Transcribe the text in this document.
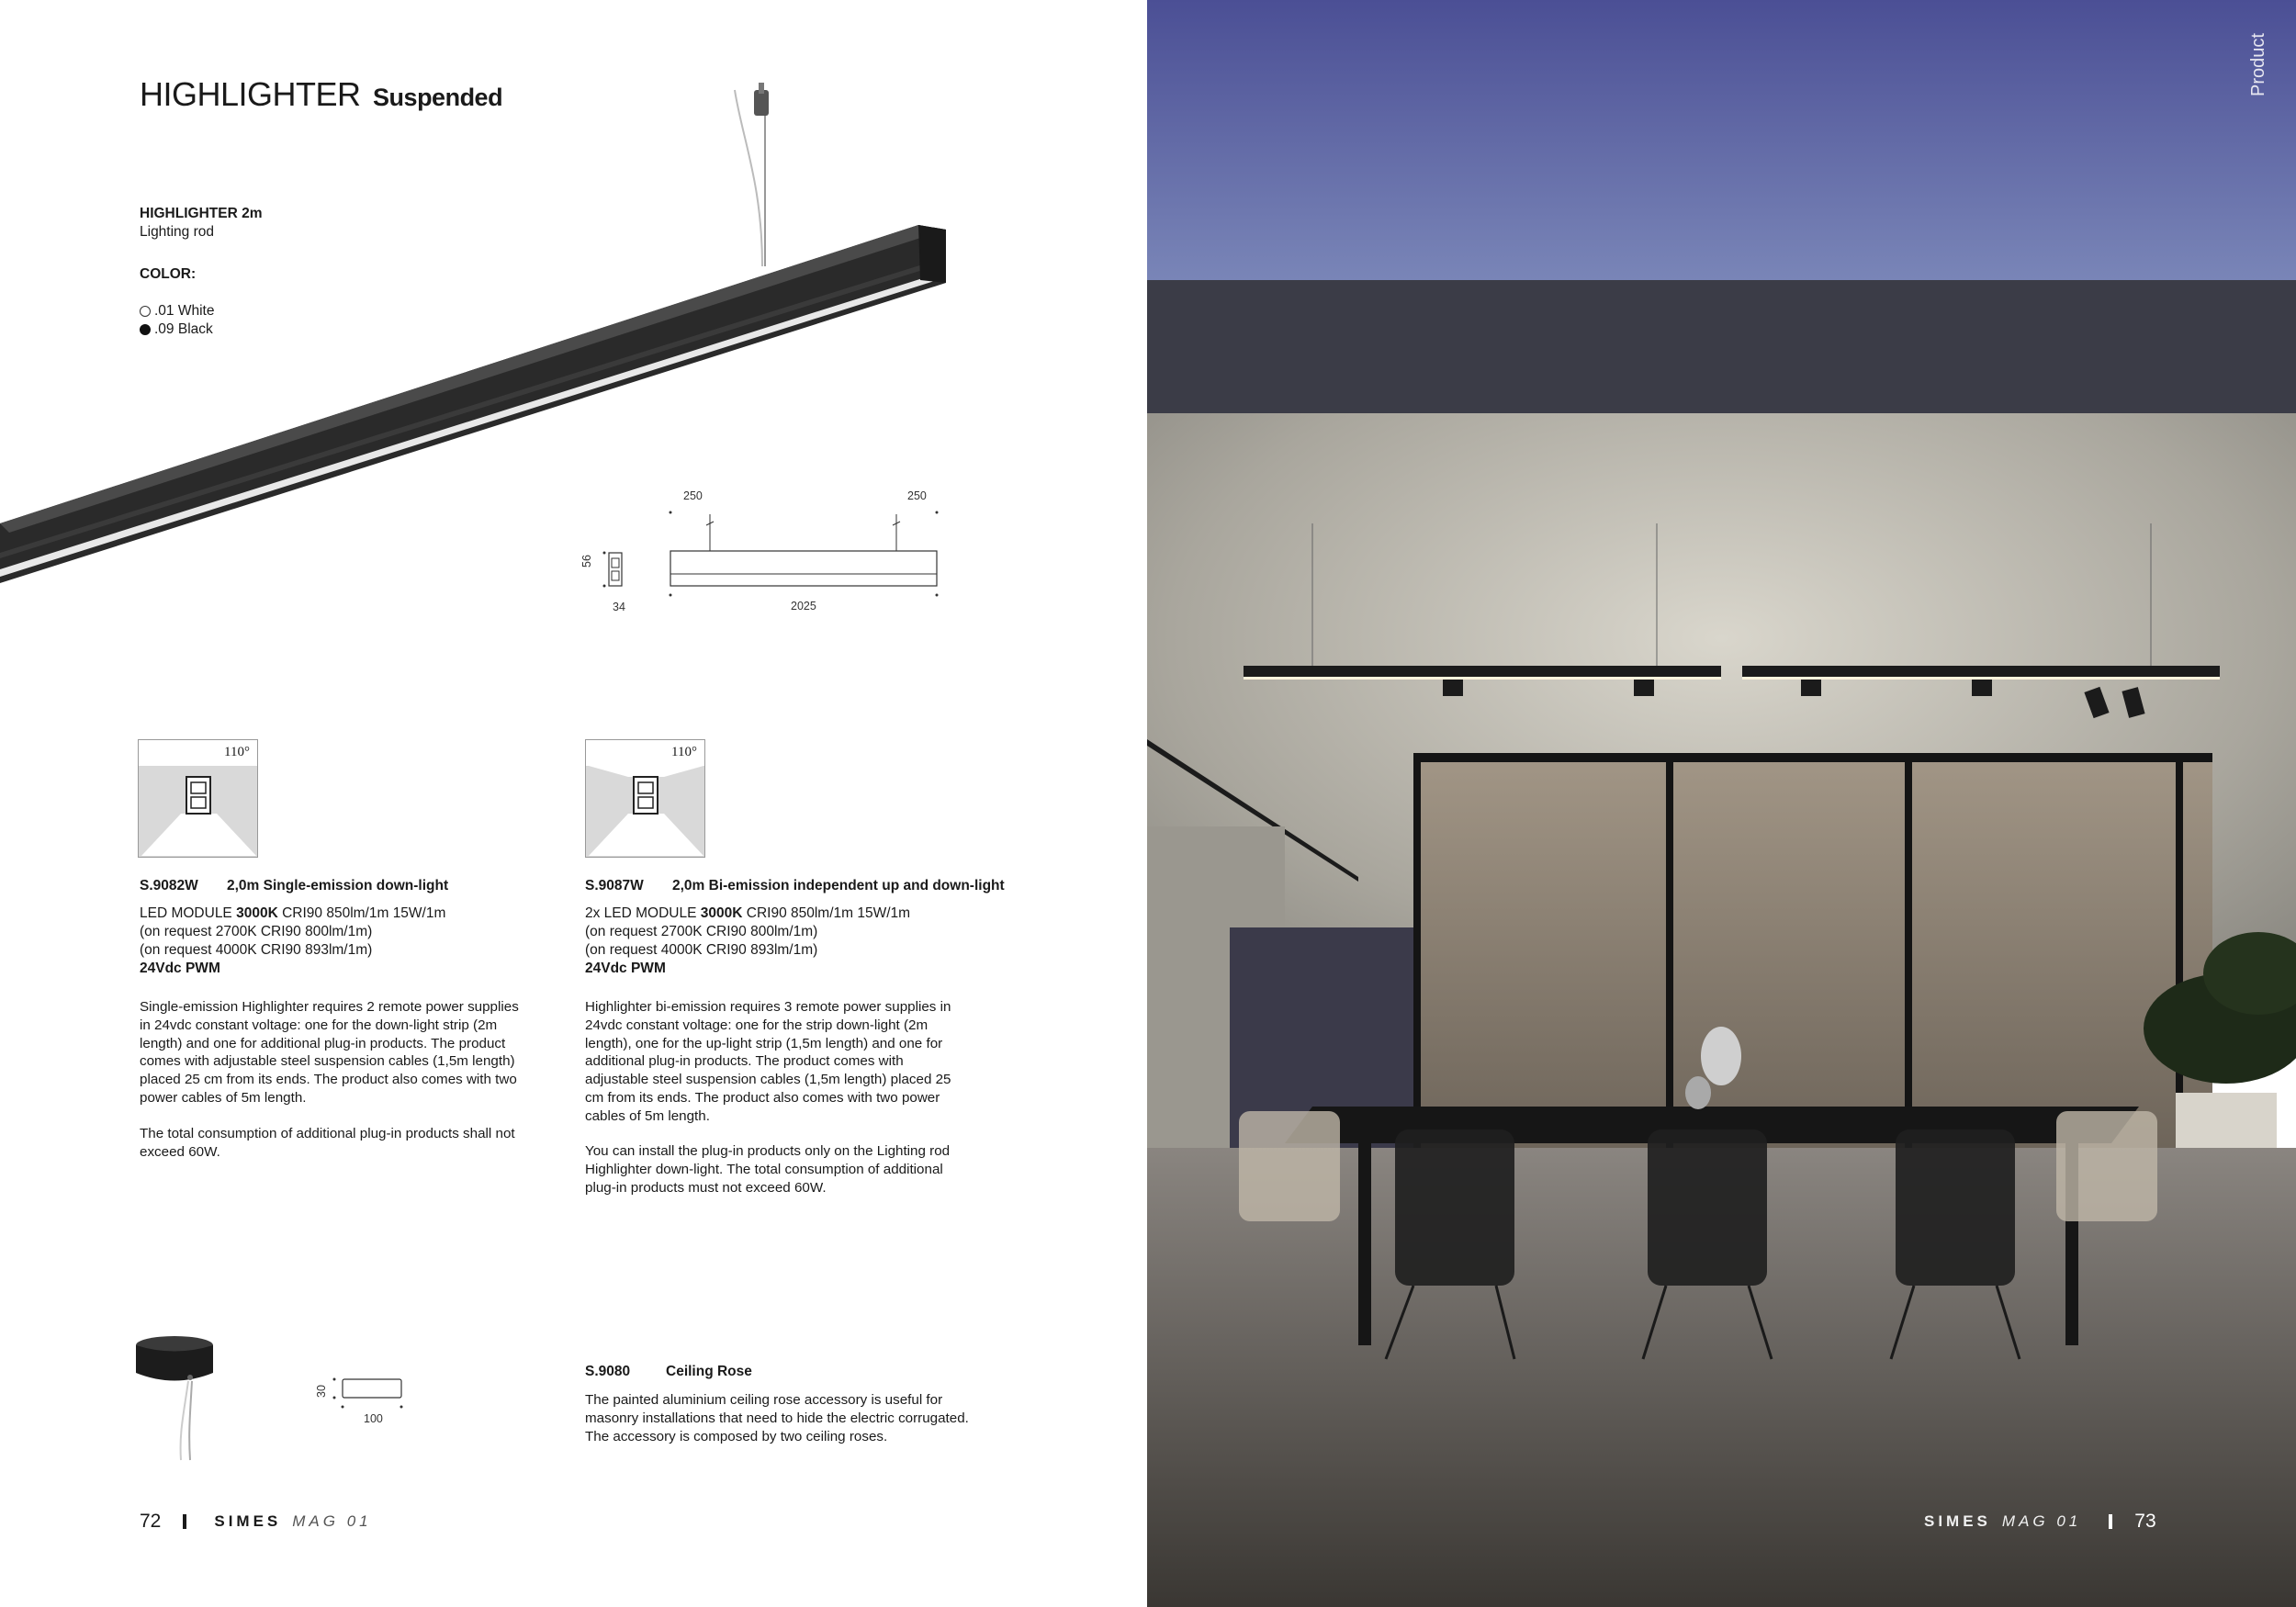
HIGHLIGHTER Suspended
HIGHLIGHTER 2m
Lighting rod
COLOR:
.01 White
.09 Black
250	250
2025
56
34
110°
S.9082W 2,0m Single-emission down-light
LED MODULE 3000K CRI90 850lm/1m 15W/1m
(on request 2700K CRI90 800lm/1m)
(on request 4000K CRI90 893lm/1m)
24Vdc PWM
Single-emission Highlighter requires 2 remote power supplies in 24vdc constant voltage: one for the down-light strip (2m length) and one for additional plug-in products. The product comes with adjustable steel suspension cables (1,5m length) placed 25 cm from its ends. The product also comes with two power cables of 5m length.
The total consumption of additional plug-in products shall not exceed 60W.
110°
S.9087W 2,0m Bi-emission independent up and down-light
2x LED MODULE 3000K CRI90 850lm/1m 15W/1m
(on request 2700K CRI90 800lm/1m)
(on request 4000K CRI90 893lm/1m)
24Vdc PWM
Highlighter bi-emission requires 3 remote power supplies in 24vdc constant voltage: one for the strip down-light (2m length), one for the up-light strip (1,5m length) and one for additional plug-in products. The product comes with adjustable steel suspension cables (1,5m length) placed 25 cm from its ends. The product also comes with two power cables of 5m length.
You can install the plug-in products only on the Lighting rod Highlighter down-light. The total consumption of additional plug-in products must not exceed 60W.
30
100
S.9080	Ceiling Rose
The painted aluminium ceiling rose accessory is useful for masonry installations that need to hide the electric corrugated. The accessory is composed by two ceiling roses.
72	SIMES MAG 01
Product
SIMES MAG 01	73
